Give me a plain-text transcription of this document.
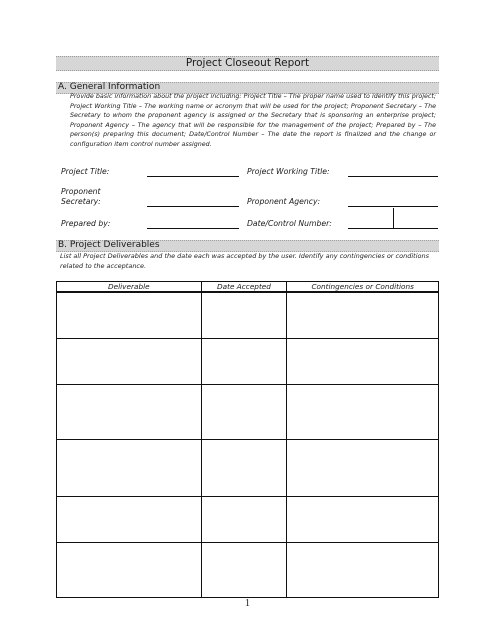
Project Closeout Report
A. General Information
Provide basic information about the project including: Project Title – The proper name used to identify this project; Project Working Title – The working name or acronym that will be used for the project; Proponent Secretary – The Secretary to whom the proponent agency is assigned or the Secretary that is sponsoring an enterprise project; Proponent Agency – The agency that will be responsible for the management of the project; Prepared by – The person(s) preparing this document; Date/Control Number – The date the report is finalized and the change or configuration item control number assigned.
Project Title:	Project Working Title:
Proponent
Secretary:	Proponent Agency:
Prepared by:	Date/Control Number:
B. Project Deliverables
List all Project Deliverables and the date each was accepted by the user. Identify any contingencies or conditions related to the acceptance.
Deliverable	Date Accepted	Contingencies or Conditions

1
